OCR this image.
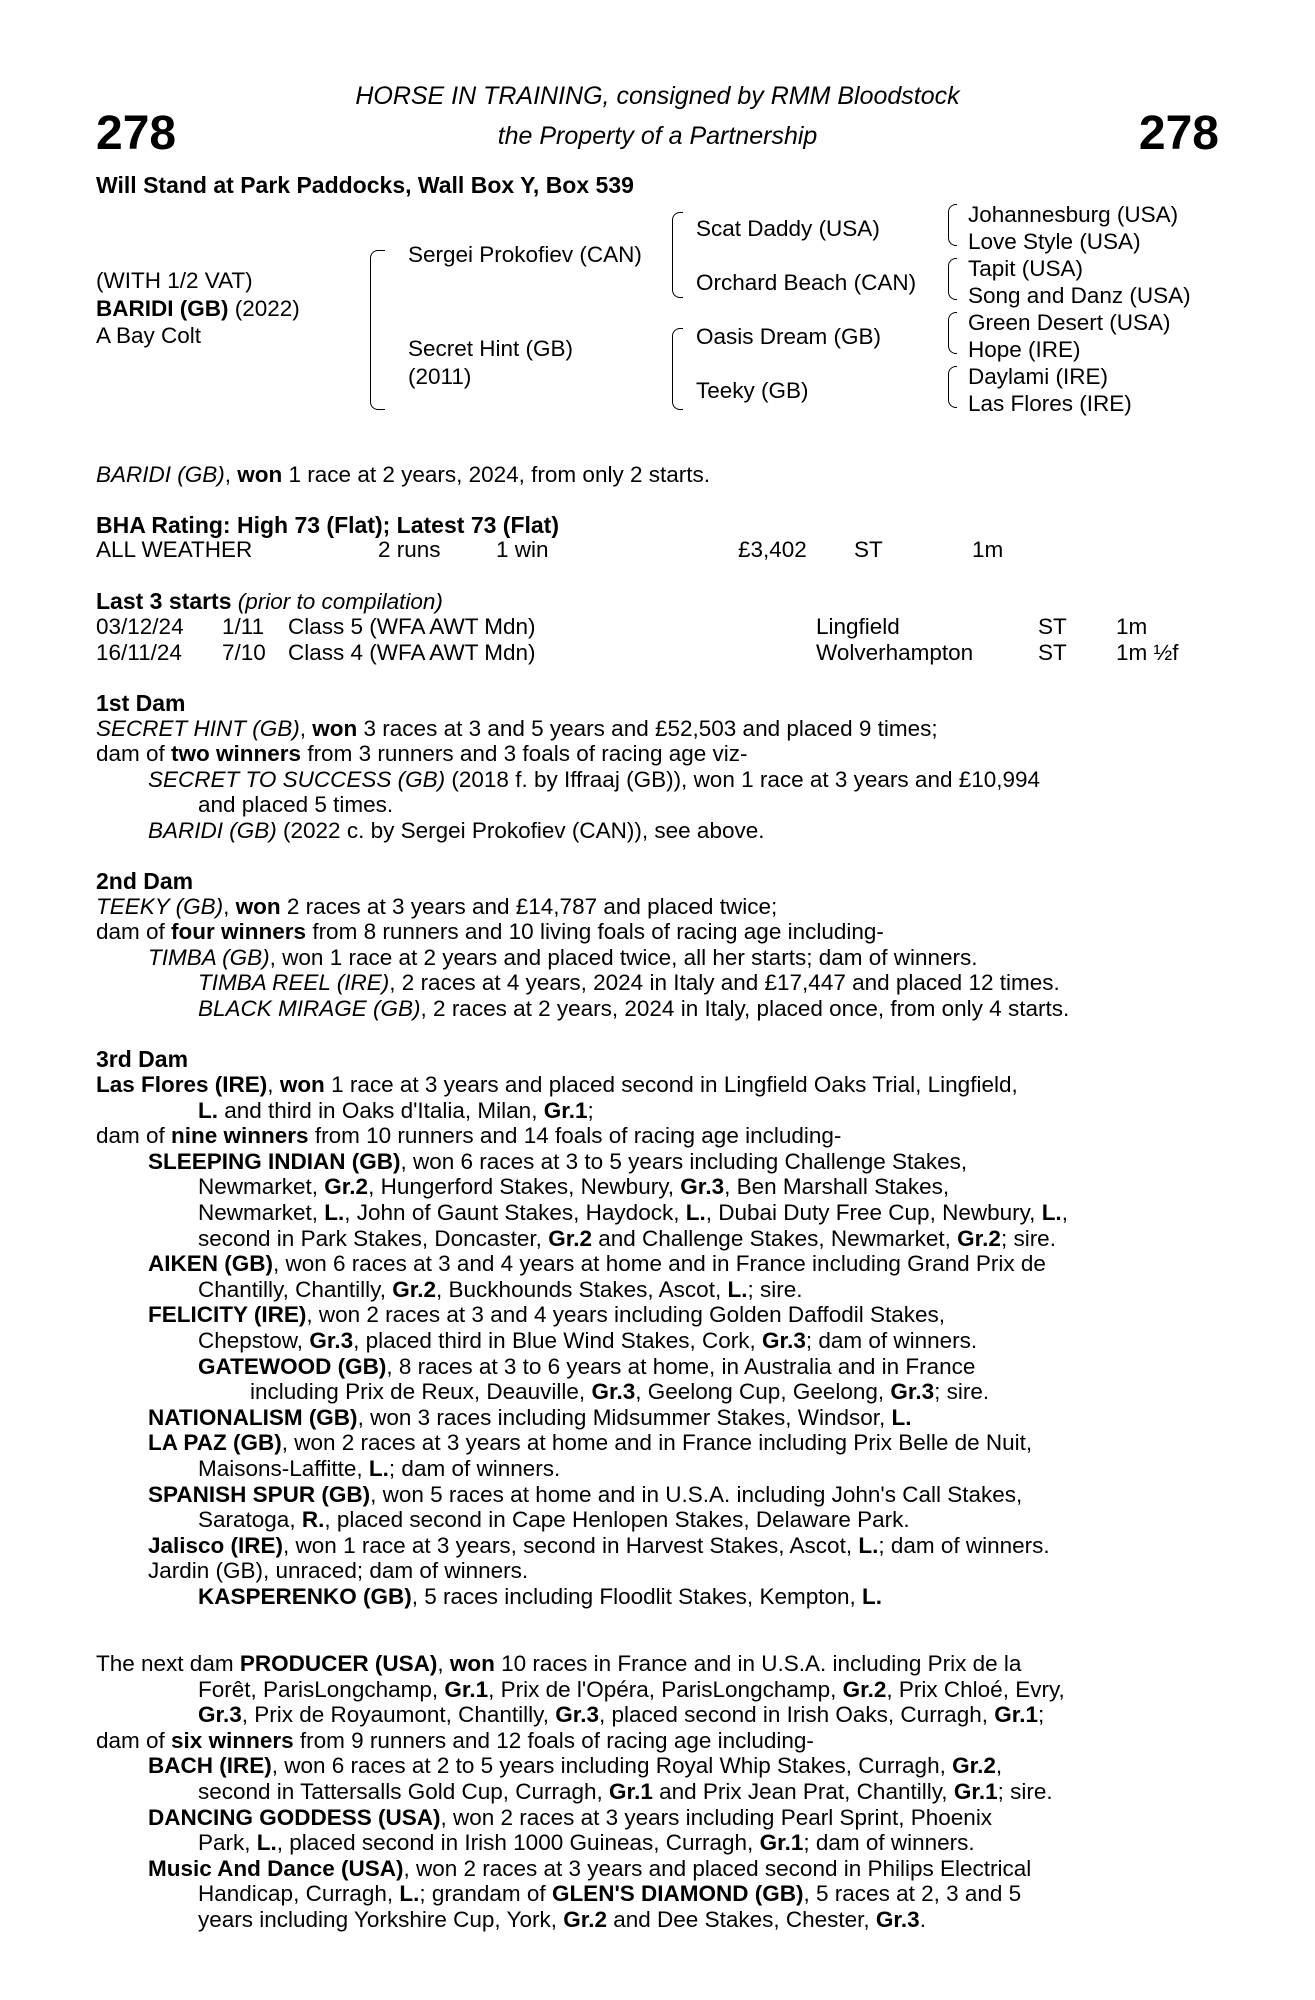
278	278
HORSE IN TRAINING, consigned by RMM Bloodstock
the Property of a Partnership
Will Stand at Park Paddocks, Wall Box Y, Box 539
(WITH 1/2 VAT)
BARIDI (GB) (2022)
A Bay Colt
Sergei Prokofiev (CAN)
Secret Hint (GB)
(2011)
Scat Daddy (USA)
Orchard Beach (CAN)
Oasis Dream (GB)
Teeky (GB)
Johannesburg (USA)
Love Style (USA)
Tapit (USA)
Song and Danz (USA)
Green Desert (USA)
Hope (IRE)
Daylami (IRE)
Las Flores (IRE)
BARIDI (GB), won 1 race at 2 years, 2024, from only 2 starts.
BHA Rating: High 73 (Flat); Latest 73 (Flat)
ALL WEATHER	2 runs 1 win	£3,402 ST	1m
Last 3 starts (prior to compilation)
03/12/24 1/11 Class 5 (WFA AWT Mdn)	Lingfield	ST 1m
16/11/24 7/10 Class 4 (WFA AWT Mdn)	Wolverhampton	ST 1m ½f
1st Dam
SECRET HINT (GB), won 3 races at 3 and 5 years and £52,503 and placed 9 times;
dam of two winners from 3 runners and 3 foals of racing age viz-
SECRET TO SUCCESS (GB) (2018 f. by Iffraaj (GB)), won 1 race at 3 years and £10,994
and placed 5 times.
BARIDI (GB) (2022 c. by Sergei Prokofiev (CAN)), see above.
2nd Dam
TEEKY (GB), won 2 races at 3 years and £14,787 and placed twice;
dam of four winners from 8 runners and 10 living foals of racing age including-
TIMBA (GB), won 1 race at 2 years and placed twice, all her starts; dam of winners.
TIMBA REEL (IRE), 2 races at 4 years, 2024 in Italy and £17,447 and placed 12 times.
BLACK MIRAGE (GB), 2 races at 2 years, 2024 in Italy, placed once, from only 4 starts.
3rd Dam
Las Flores (IRE), won 1 race at 3 years and placed second in Lingfield Oaks Trial, Lingfield,
L. and third in Oaks d'Italia, Milan, Gr.1;
dam of nine winners from 10 runners and 14 foals of racing age including-
SLEEPING INDIAN (GB), won 6 races at 3 to 5 years including Challenge Stakes,
Newmarket, Gr.2, Hungerford Stakes, Newbury, Gr.3, Ben Marshall Stakes,
Newmarket, L., John of Gaunt Stakes, Haydock, L., Dubai Duty Free Cup, Newbury, L.,
second in Park Stakes, Doncaster, Gr.2 and Challenge Stakes, Newmarket, Gr.2; sire.
AIKEN (GB), won 6 races at 3 and 4 years at home and in France including Grand Prix de
Chantilly, Chantilly, Gr.2, Buckhounds Stakes, Ascot, L.; sire.
FELICITY (IRE), won 2 races at 3 and 4 years including Golden Daffodil Stakes,
Chepstow, Gr.3, placed third in Blue Wind Stakes, Cork, Gr.3; dam of winners.
GATEWOOD (GB), 8 races at 3 to 6 years at home, in Australia and in France
including Prix de Reux, Deauville, Gr.3, Geelong Cup, Geelong, Gr.3; sire.
NATIONALISM (GB), won 3 races including Midsummer Stakes, Windsor, L.
LA PAZ (GB), won 2 races at 3 years at home and in France including Prix Belle de Nuit,
Maisons-Laffitte, L.; dam of winners.
SPANISH SPUR (GB), won 5 races at home and in U.S.A. including John's Call Stakes,
Saratoga, R., placed second in Cape Henlopen Stakes, Delaware Park.
Jalisco (IRE), won 1 race at 3 years, second in Harvest Stakes, Ascot, L.; dam of winners.
Jardin (GB), unraced; dam of winners.
KASPERENKO (GB), 5 races including Floodlit Stakes, Kempton, L.
The next dam PRODUCER (USA), won 10 races in France and in U.S.A. including Prix de la
Forêt, ParisLongchamp, Gr.1, Prix de l'Opéra, ParisLongchamp, Gr.2, Prix Chloé, Evry,
Gr.3, Prix de Royaumont, Chantilly, Gr.3, placed second in Irish Oaks, Curragh, Gr.1;
dam of six winners from 9 runners and 12 foals of racing age including-
BACH (IRE), won 6 races at 2 to 5 years including Royal Whip Stakes, Curragh, Gr.2,
second in Tattersalls Gold Cup, Curragh, Gr.1 and Prix Jean Prat, Chantilly, Gr.1; sire.
DANCING GODDESS (USA), won 2 races at 3 years including Pearl Sprint, Phoenix
Park, L., placed second in Irish 1000 Guineas, Curragh, Gr.1; dam of winners.
Music And Dance (USA), won 2 races at 3 years and placed second in Philips Electrical
Handicap, Curragh, L.; grandam of GLEN'S DIAMOND (GB), 5 races at 2, 3 and 5
years including Yorkshire Cup, York, Gr.2 and Dee Stakes, Chester, Gr.3.
